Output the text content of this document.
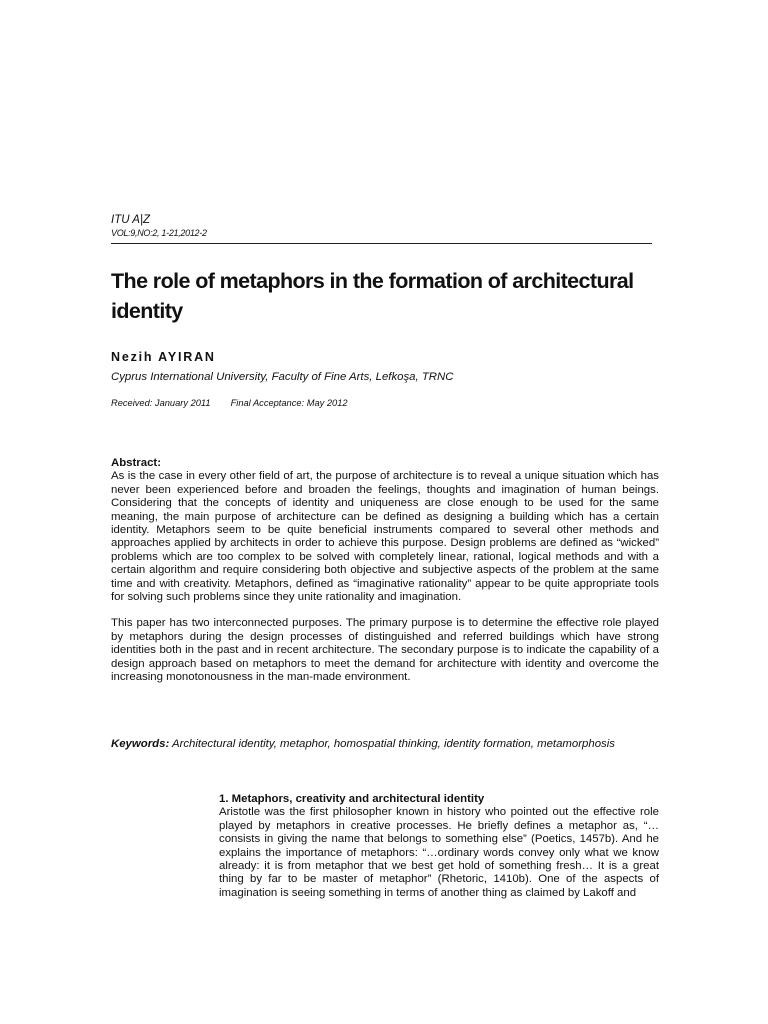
ITU A|Z
VOL:9,NO:2, 1-21,2012-2
The role of metaphors in the formation of architectural identity
Nezih AYIRAN
Cyprus International University, Faculty of Fine Arts, Lefkoşa, TRNC
Received: January 2011 Final Acceptance: May 2012
Abstract:

As is the case in every other field of art, the purpose of architecture is to reveal a unique situation which has never been experienced before and broaden the feelings, thoughts and imagination of human beings. Considering that the concepts of identity and uniqueness are close enough to be used for the same meaning, the main purpose of architecture can be defined as designing a building which has a certain identity. Metaphors seem to be quite beneficial instruments compared to several other methods and approaches applied by architects in order to achieve this purpose. Design problems are defined as “wicked” problems which are too complex to be solved with completely linear, rational, logical methods and with a certain algorithm and require considering both objective and subjective aspects of the problem at the same time and with creativity. Metaphors, defined as “imaginative rationality” appear to be quite appropriate tools for solving such problems since they unite rationality and imagination.

This paper has two interconnected purposes. The primary purpose is to determine the effective role played by metaphors during the design processes of distinguished and referred buildings which have strong identities both in the past and in recent architecture. The secondary purpose is to indicate the capability of a design approach based on metaphors to meet the demand for architecture with identity and overcome the increasing monotonousness in the man-made environment.

Keywords: Architectural identity, metaphor, homospatial thinking, identity formation, metamorphosis
1. Metaphors, creativity and architectural identity

Aristotle was the first philosopher known in history who pointed out the effective role played by metaphors in creative processes. He briefly defines a metaphor as, “…consists in giving the name that belongs to something else” (Poetics, 1457b). And he explains the importance of metaphors: “…ordinary words convey only what we know already: it is from metaphor that we best get hold of something fresh… It is a great thing by far to be master of metaphor” (Rhetoric, 1410b). One of the aspects of imagination is seeing something in terms of another thing as claimed by Lakoff and
